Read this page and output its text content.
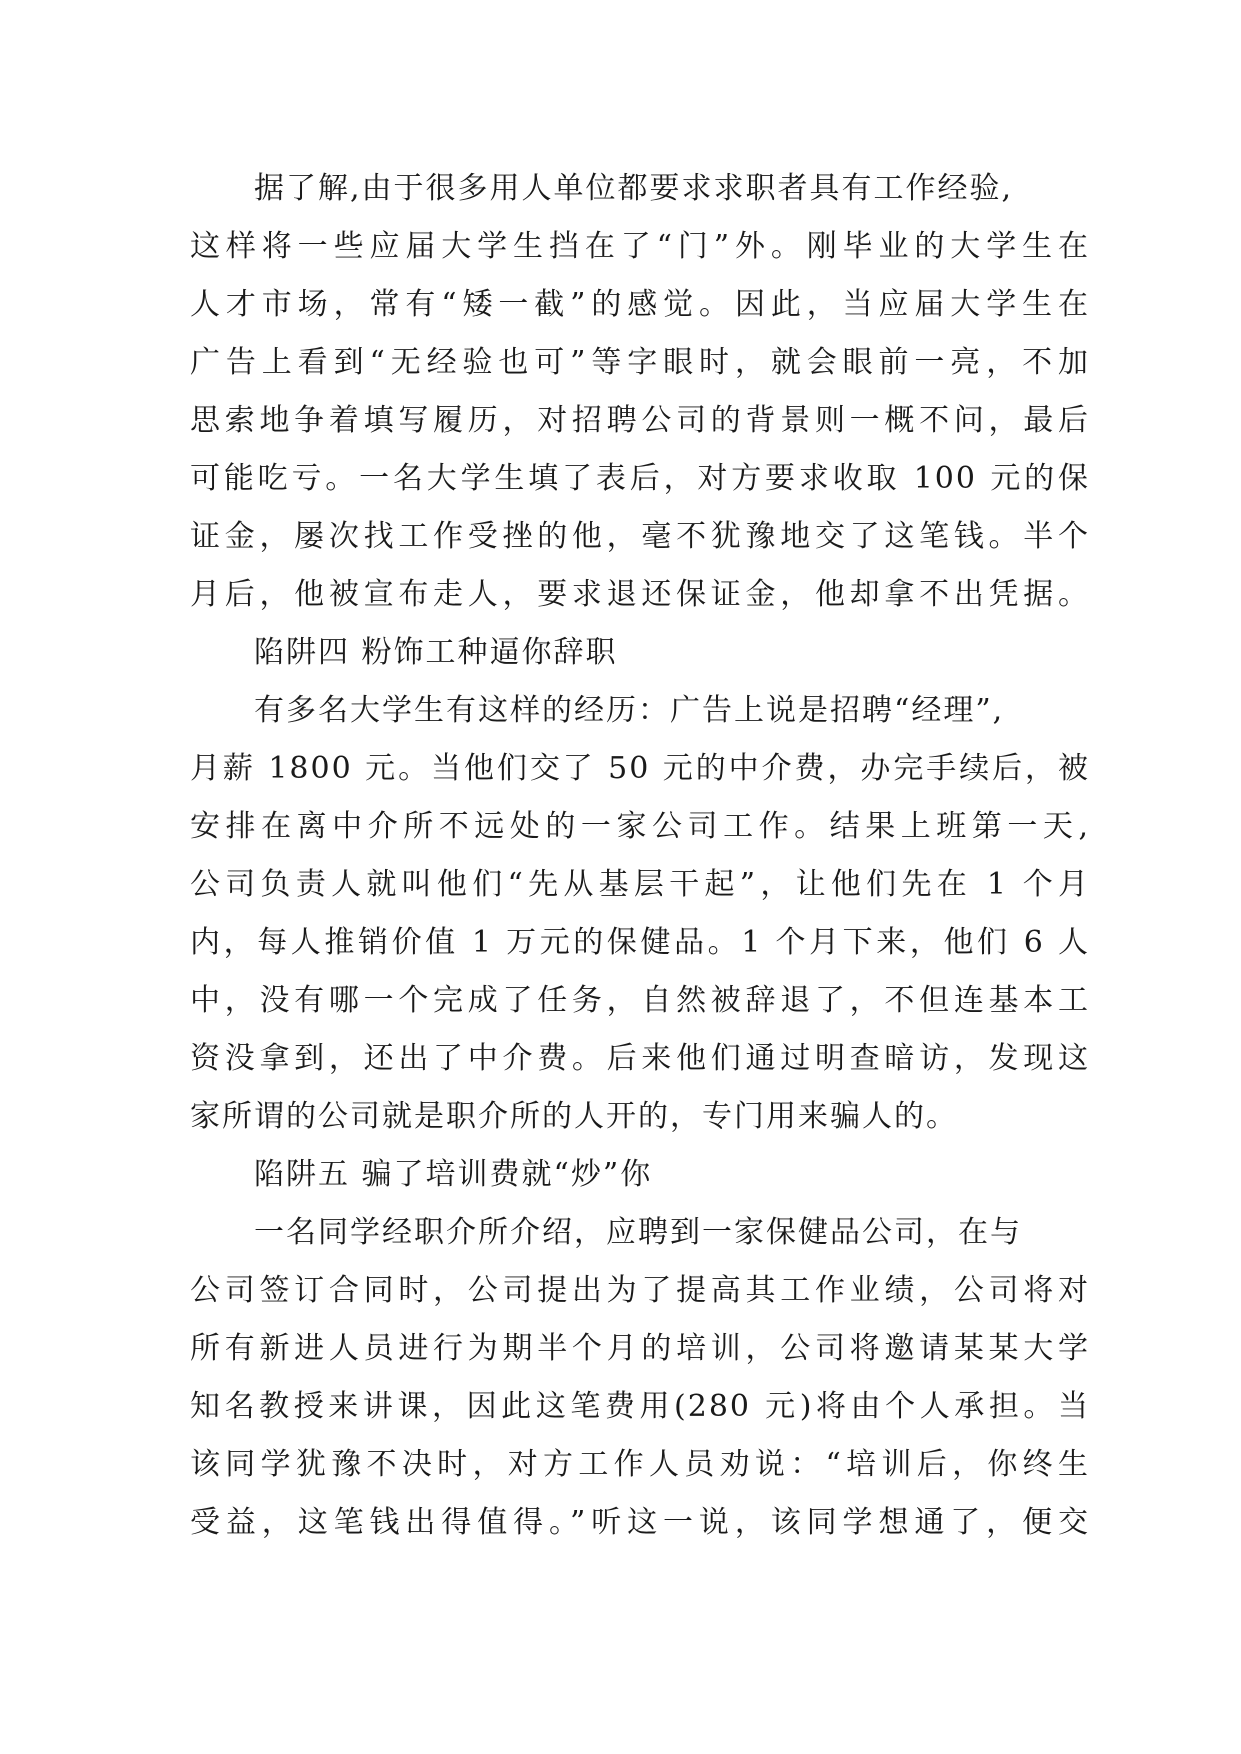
据了解,由于很多用人单位都要求求职者具有工作经验,
这样将一些应届大学生挡在了“门”外。刚毕业的大学生在
人才市场，常有“矮一截”的感觉。因此，当应届大学生在
广告上看到“无经验也可”等字眼时，就会眼前一亮，不加
思索地争着填写履历，对招聘公司的背景则一概不问，最后
可能吃亏。一名大学生填了表后，对方要求收取 100 元的保
证金，屡次找工作受挫的他，毫不犹豫地交了这笔钱。半个
月后，他被宣布走人，要求退还保证金，他却拿不出凭据。
陷阱四 粉饰工种逼你辞职
有多名大学生有这样的经历：广告上说是招聘“经理”,
月薪 1800 元。当他们交了 50 元的中介费，办完手续后，被
安排在离中介所不远处的一家公司工作。结果上班第一天,
公司负责人就叫他们“先从基层干起”，让他们先在 1 个月
内，每人推销价值 1 万元的保健品。1 个月下来，他们 6 人
中，没有哪一个完成了任务，自然被辞退了，不但连基本工
资没拿到，还出了中介费。后来他们通过明查暗访，发现这
家所谓的公司就是职介所的人开的，专门用来骗人的。
陷阱五 骗了培训费就“炒”你
一名同学经职介所介绍，应聘到一家保健品公司，在与
公司签订合同时，公司提出为了提高其工作业绩，公司将对
所有新进人员进行为期半个月的培训，公司将邀请某某大学
知名教授来讲课，因此这笔费用(280 元)将由个人承担。当
该同学犹豫不决时，对方工作人员劝说：“培训后，你终生
受益，这笔钱出得值得。”听这一说，该同学想通了，便交
